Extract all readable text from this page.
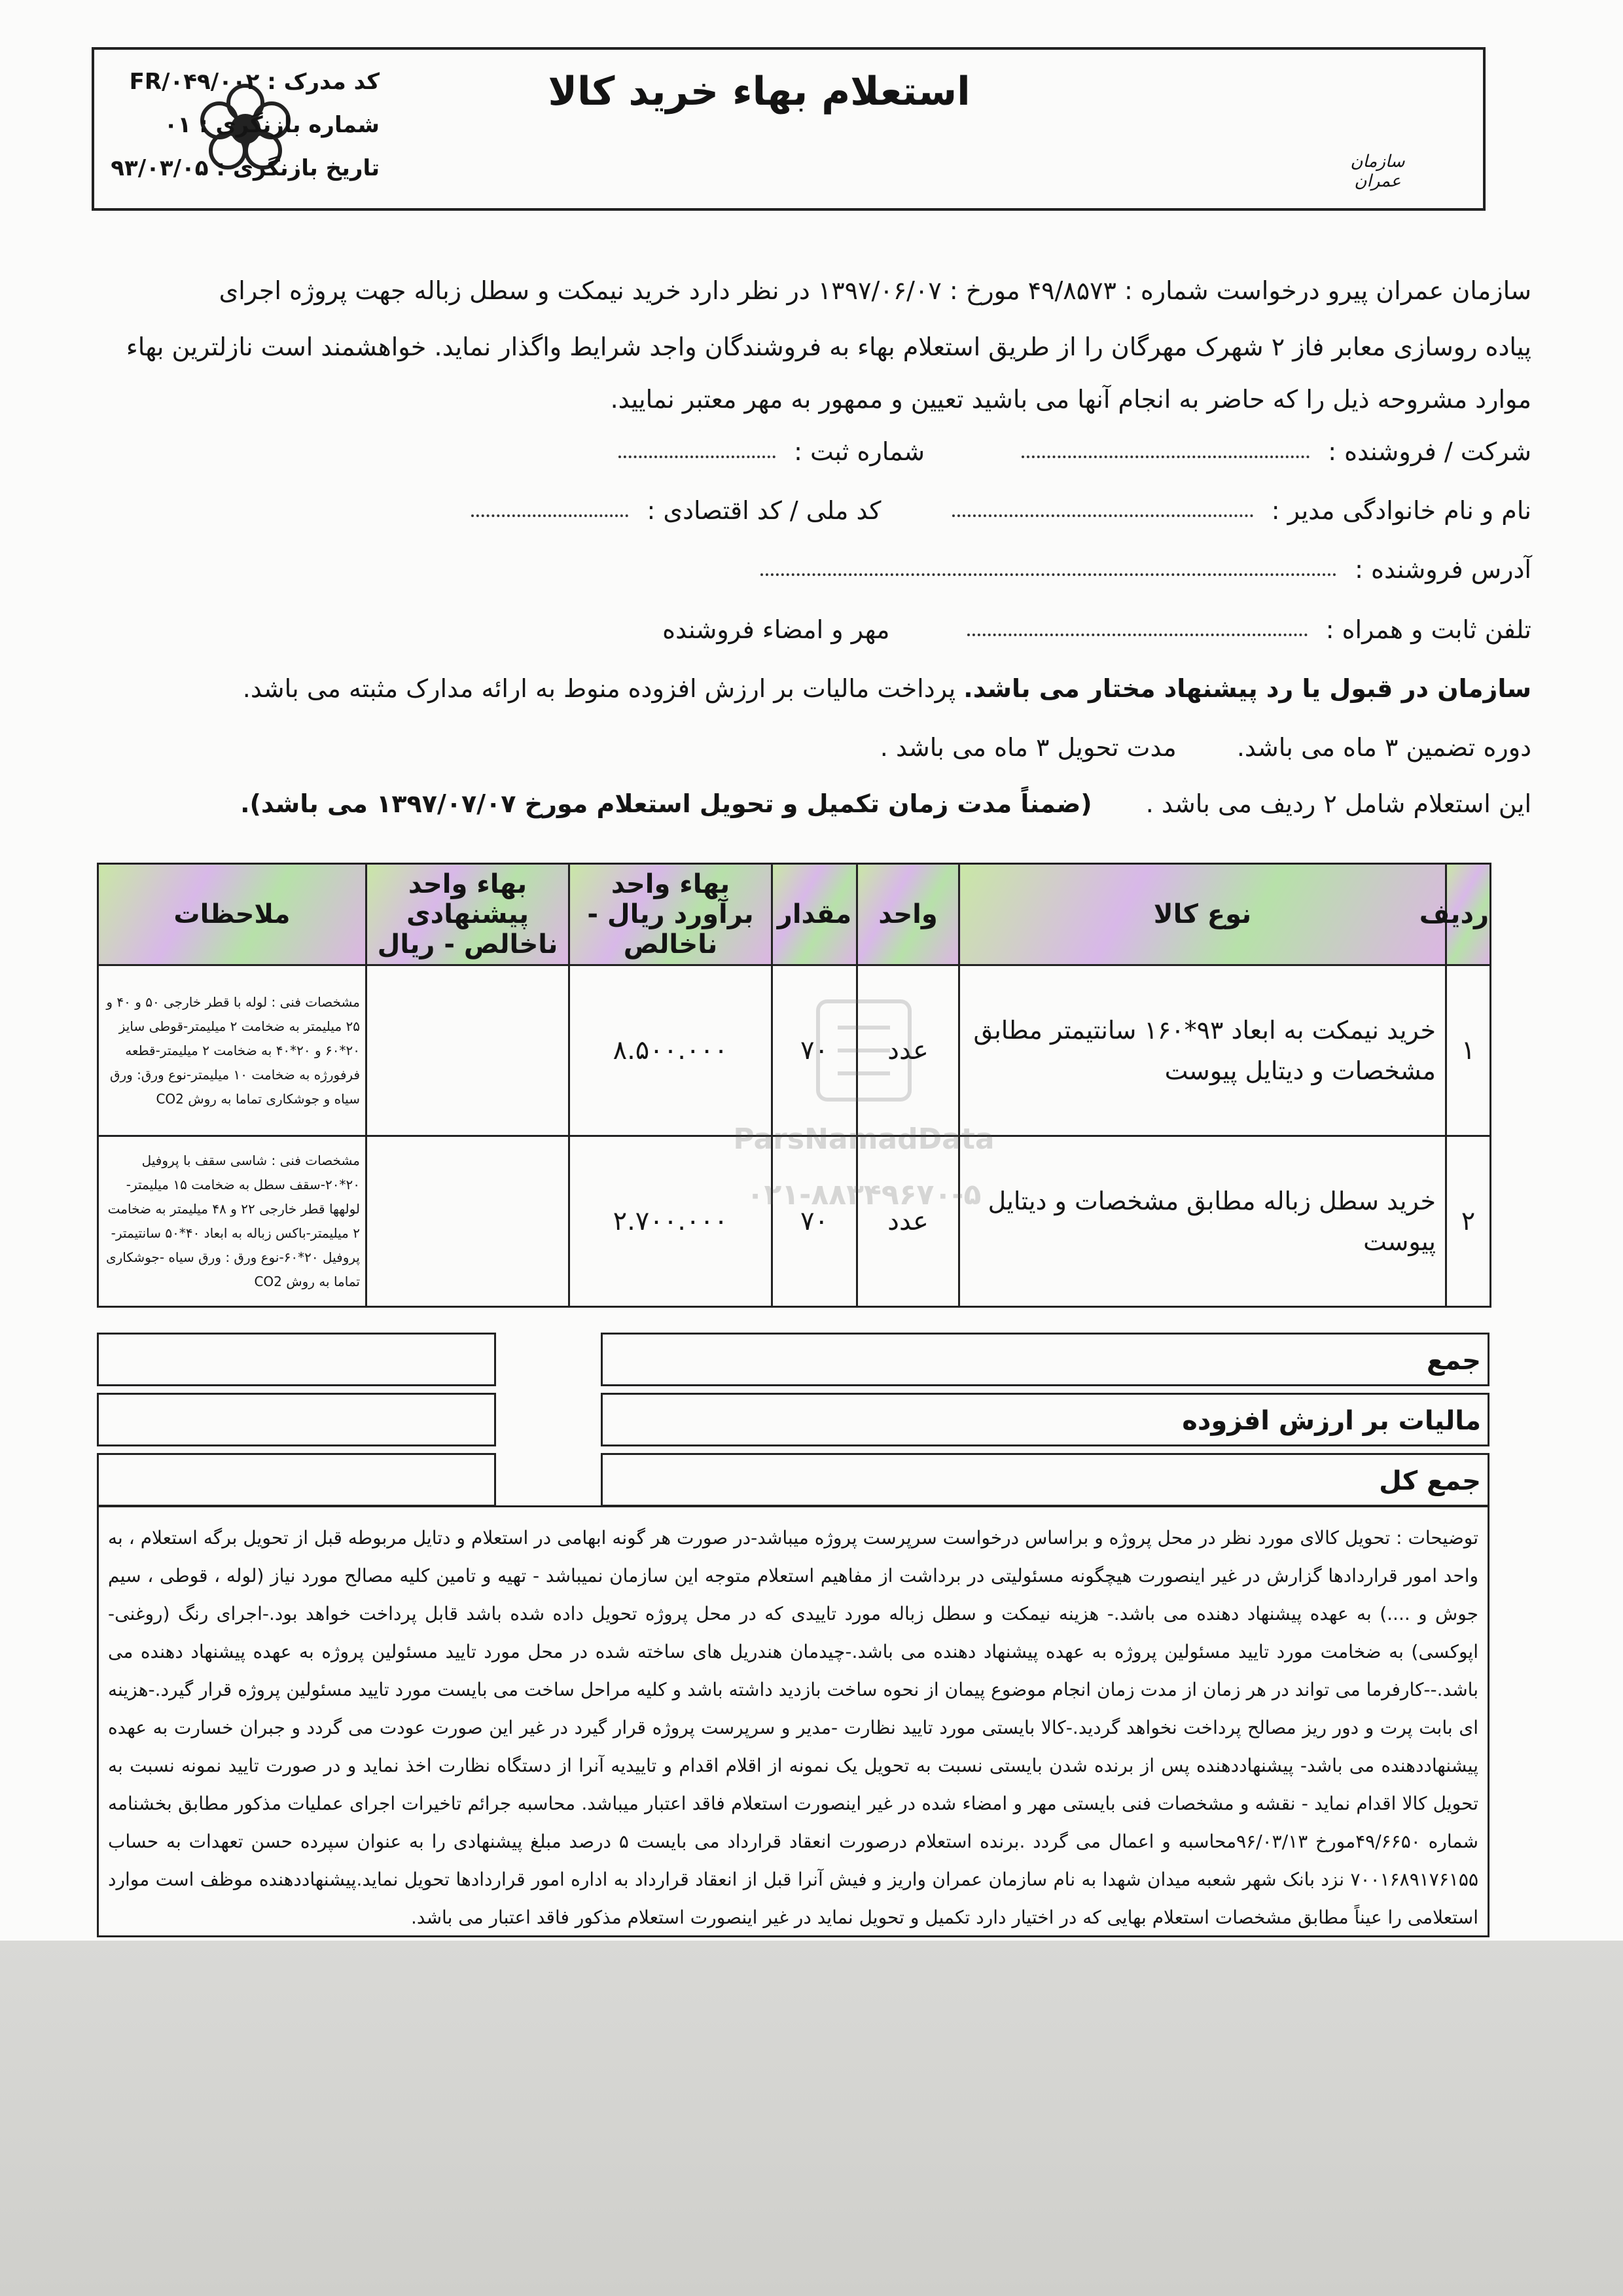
سازمان عمران
استعلام بهاء خرید کالا
کد مدرک : FR/۰۴۹/۰۰۲
شماره بازنگری : ۰۱
تاریخ بازنگری : ۹۳/۰۳/۰۵
سازمان عمران پیرو درخواست شماره : ۴۹/۸۵۷۳ مورخ : ۱۳۹۷/۰۶/۰۷ در نظر دارد خرید نیمکت و سطل زباله جهت پروژه اجرای
پیاده روسازی معابر فاز ۲ شهرک مهرگان را از طریق استعلام بهاء به فروشندگان واجد شرایط واگذار نماید. خواهشمند است نازلترین بهاء
موارد مشروحه ذیل را که حاضر به انجام آنها می باشید تعیین و ممهور به مهر معتبر نمایید.
شرکت / فروشنده :  شماره ثبت :
نام و نام خانوادگی مدیر :  کد ملی / کد اقتصادی :
آدرس فروشنده :
تلفن ثابت و همراه :  مهر و امضاء فروشنده
سازمان در قبول یا رد پیشنهاد مختار می باشد. پرداخت مالیات بر ارزش افزوده منوط به ارائه مدارک مثبته می باشد.
دوره تضمین ۳ ماه می باشد. مدت تحویل ۳ ماه می باشد .
این استعلام شامل ۲ ردیف می باشد . (ضمناً مدت زمان تکمیل و تحویل استعلام مورخ ۱۳۹۷/۰۷/۰۷ می باشد).
ردیف	نوع کالا	واحد	مقدار	بهاء واحد برآورد ریال - ناخالص	بهاء واحد پیشنهادی ناخالص - ریال	ملاحظات
۱	خرید نیمکت به ابعاد ۹۳*۱۶۰ سانتیمتر مطابق مشخصات و دیتایل پیوست	عدد	۷۰	۸.۵۰۰.۰۰۰		مشخصات فنی : لوله با قطر خارجی ۵۰ و ۴۰ و ۲۵ میلیمتر به ضخامت ۲ میلیمتر-قوطی سایز ۲۰*۶۰ و ۲۰*۴۰ به ضخامت ۲ میلیمتر-قطعه فرفورژه به ضخامت ۱۰ میلیمتر-نوع ورق: ورق سیاه و جوشکاری تماما به روش CO2
۲	خرید سطل زباله مطابق مشخصات و دیتایل پیوست	عدد	۷۰	۲.۷۰۰.۰۰۰		مشخصات فنی : شاسی سقف با پروفیل ۲۰*۲۰-سقف سطل به ضخامت ۱۵ میلیمتر- لولهها قطر خارجی ۲۲ و ۴۸ میلیمتر به ضخامت ۲ میلیمتر-باکس زباله به ابعاد ۴۰*۵۰ سانتیمتر-پروفیل ۲۰*۶۰-نوع ورق : ورق سیاه -جوشکاری تماما به روش CO2
جمع
مالیات بر ارزش افزوده
جمع کل
توضیحات : تحویل کالای مورد نظر در محل پروژه و براساس درخواست سرپرست پروژه میباشد-در صورت هر گونه ابهامی در استعلام و دتایل مربوطه قبل از تحویل برگه استعلام ، به واحد امور قراردادها گزارش در غیر اینصورت هیچگونه مسئولیتی در برداشت از مفاهیم استعلام متوجه این سازمان نمیباشد - تهیه و تامین کلیه مصالح مورد نیاز (لوله ، قوطی ، سیم جوش و ....) به عهده پیشنهاد دهنده می باشد.- هزینه نیمکت و سطل زباله مورد تاییدی که در محل پروژه تحویل داده شده باشد قابل پرداخت خواهد بود.-اجرای رنگ (روغنی-اپوکسی) به ضخامت مورد تایید مسئولین پروژه به عهده پیشنهاد دهنده می باشد.-چیدمان هندریل های ساخته شده در محل مورد تایید مسئولین پروژه به عهده پیشنهاد دهنده می باشد.--کارفرما می تواند در هر زمان از مدت زمان انجام موضوع پیمان از نحوه ساخت بازدید داشته باشد و کلیه مراحل ساخت می بایست مورد تایید مسئولین پروژه قرار گیرد.-هزینه ای بابت پرت و دور ریز مصالح پرداخت نخواهد گردید.-کالا بایستی مورد تایید نظارت -مدیر و سرپرست پروژه قرار گیرد در غیر این صورت عودت می گردد و جبران خسارت به عهده پیشنهاددهنده می باشد- پیشنهاددهنده پس از برنده شدن بایستی نسبت به تحویل یک نمونه از اقلام اقدام و تاییدیه آنرا از دستگاه نظارت اخذ نماید و در صورت تایید نمونه نسبت به تحویل کالا اقدام نماید - نقشه و مشخصات فنی بایستی مهر و امضاء شده در غیر اینصورت استعلام فاقد اعتبار میباشد. محاسبه جرائم تاخیرات اجرای عملیات مذکور مطابق بخشنامه شماره ۴۹/۶۶۵۰مورخ ۹۶/۰۳/۱۳محاسبه و اعمال می گردد .برنده استعلام درصورت انعقاد قرارداد می بایست ۵ درصد مبلغ پیشنهادی را به عنوان سپرده حسن تعهدات به حساب ۷۰۰۱۶۸۹۱۷۶۱۵۵ نزد بانک شهر شعبه میدان شهدا به نام سازمان عمران واریز و فیش آنرا قبل از انعقاد قرارداد به اداره امور قراردادها تحویل نماید.پیشنهاددهنده موظف است موارد استعلامی را عیناً مطابق مشخصات استعلام بهایی که در اختیار دارد تکمیل و تحویل نماید در غیر اینصورت استعلام مذکور فاقد اعتبار می باشد.
ParsNamadData
۰۲۱-۸۸۳۴۹۶۷۰-۵
